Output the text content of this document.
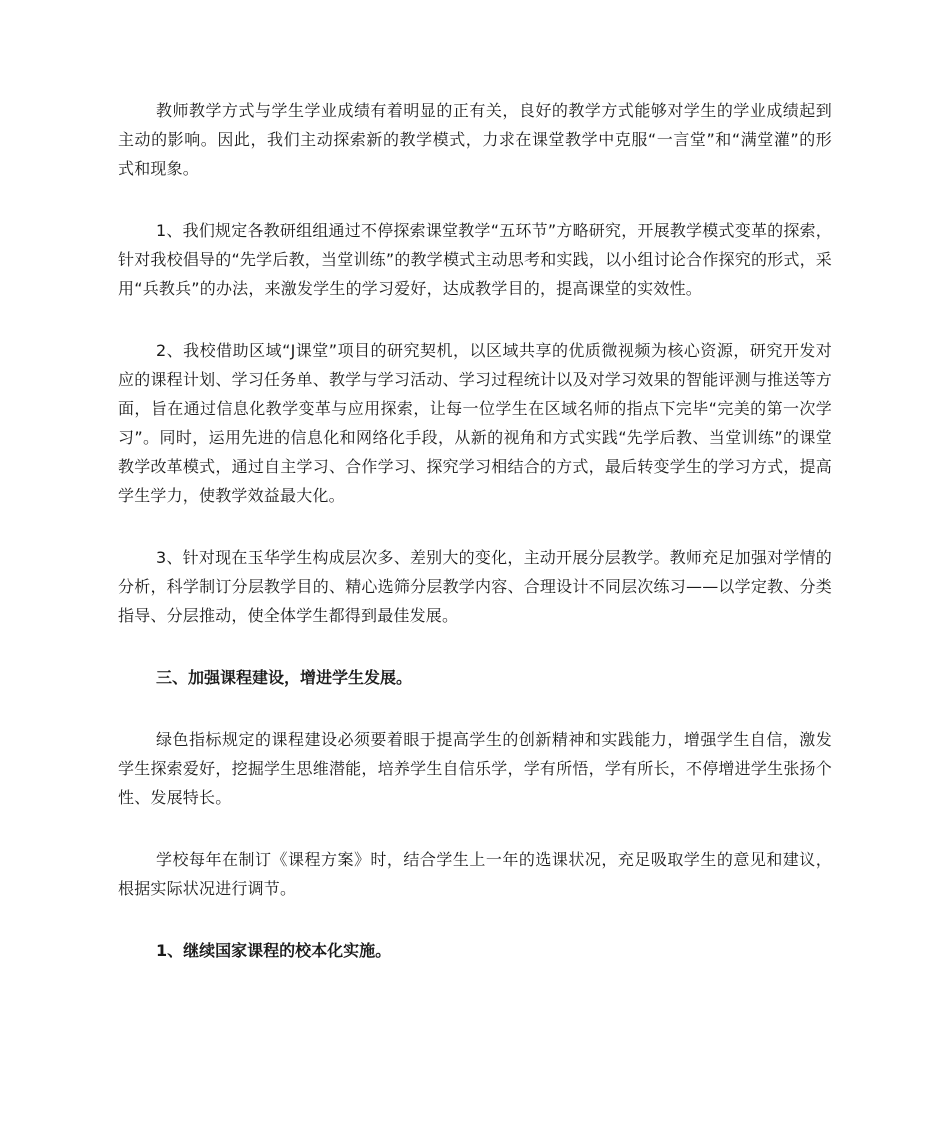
教师教学方式与学生学业成绩有着明显的正有关，良好的教学方式能够对学生的学业成绩起到主动的影响。因此，我们主动探索新的教学模式，力求在课堂教学中克服“一言堂”和“满堂灌”的形式和现象。

1、我们规定各教研组组通过不停探索课堂教学“五环节”方略研究，开展教学模式变革的探索，针对我校倡导的“先学后教，当堂训练”的教学模式主动思考和实践，以小组讨论合作探究的形式，采用“兵教兵”的办法，来激发学生的学习爱好，达成教学目的，提高课堂的实效性。

2、我校借助区域“J课堂”项目的研究契机，以区域共享的优质微视频为核心资源，研究开发对应的课程计划、学习任务单、教学与学习活动、学习过程统计以及对学习效果的智能评测与推送等方面，旨在通过信息化教学变革与应用探索，让每一位学生在区域名师的指点下完毕“完美的第一次学习”。同时，运用先进的信息化和网络化手段，从新的视角和方式实践“先学后教、当堂训练”的课堂教学改革模式，通过自主学习、合作学习、探究学习相结合的方式，最后转变学生的学习方式，提高学生学力，使教学效益最大化。

3、针对现在玉华学生构成层次多、差别大的变化，主动开展分层教学。教师充足加强对学情的分析，科学制订分层教学目的、精心选筛分层教学内容、合理设计不同层次练习——以学定教、分类指导、分层推动，使全体学生都得到最佳发展。

三、加强课程建设，增进学生发展。

绿色指标规定的课程建设必须要着眼于提高学生的创新精神和实践能力，增强学生自信，激发学生探索爱好，挖掘学生思维潜能，培养学生自信乐学，学有所悟，学有所长，不停增进学生张扬个性、发展特长。

学校每年在制订《课程方案》时，结合学生上一年的选课状况，充足吸取学生的意见和建议，根据实际状况进行调节。

1、继续国家课程的校本化实施。
